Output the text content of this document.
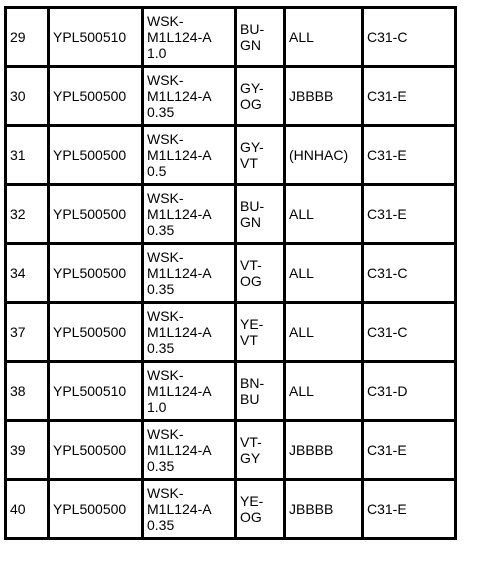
29	YPL500510	WSK-
M1L124-A
1.0	BU-
GN	ALL	C31-C
30	YPL500500	WSK-
M1L124-A
0.35	GY-
OG	JBBBB	C31-E
31	YPL500500	WSK-
M1L124-A
0.5	GY-
VT	(HNHAC)	C31-E
32	YPL500500	WSK-
M1L124-A
0.35	BU-
GN	ALL	C31-E
34	YPL500500	WSK-
M1L124-A
0.35	VT-
OG	ALL	C31-C
37	YPL500500	WSK-
M1L124-A
0.35	YE-
VT	ALL	C31-C
38	YPL500510	WSK-
M1L124-A
1.0	BN-
BU	ALL	C31-D
39	YPL500500	WSK-
M1L124-A
0.35	VT-
GY	JBBBB	C31-E
40	YPL500500	WSK-
M1L124-A
0.35	YE-
OG	JBBBB	C31-E
